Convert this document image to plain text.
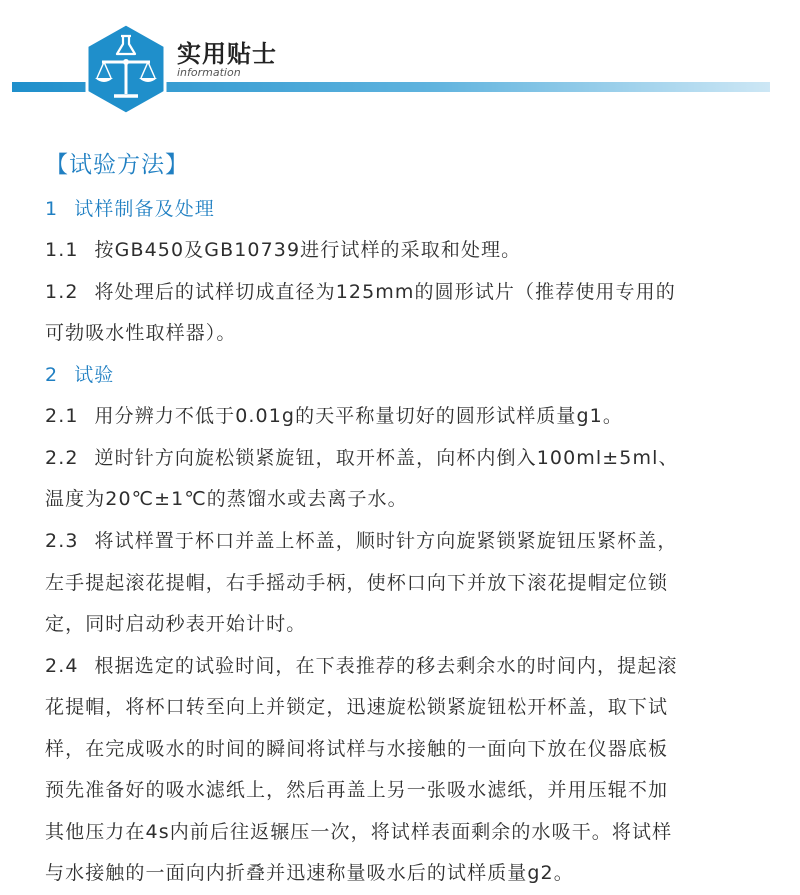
实用贴士
information
【试验方法】
1 试样制备及处理
1.1 按GB450及GB10739进行试样的采取和处理。
1.2 将处理后的试样切成直径为125mm的圆形试片（推荐使用专用的
可勃吸水性取样器）。
2 试验
2.1 用分辨力不低于0.01g的天平称量切好的圆形试样质量g1。
2.2 逆时针方向旋松锁紧旋钮，取开杯盖，向杯内倒入100ml±5ml、
温度为20℃±1℃的蒸馏水或去离子水。
2.3 将试样置于杯口并盖上杯盖，顺时针方向旋紧锁紧旋钮压紧杯盖，
左手提起滚花提帽，右手摇动手柄，使杯口向下并放下滚花提帽定位锁
定，同时启动秒表开始计时。
2.4 根据选定的试验时间，在下表推荐的移去剩余水的时间内，提起滚
花提帽，将杯口转至向上并锁定，迅速旋松锁紧旋钮松开杯盖，取下试
样，在完成吸水的时间的瞬间将试样与水接触的一面向下放在仪器底板
预先准备好的吸水滤纸上，然后再盖上另一张吸水滤纸，并用压辊不加
其他压力在4s内前后往返辗压一次，将试样表面剩余的水吸干。将试样
与水接触的一面向内折叠并迅速称量吸水后的试样质量g2。
